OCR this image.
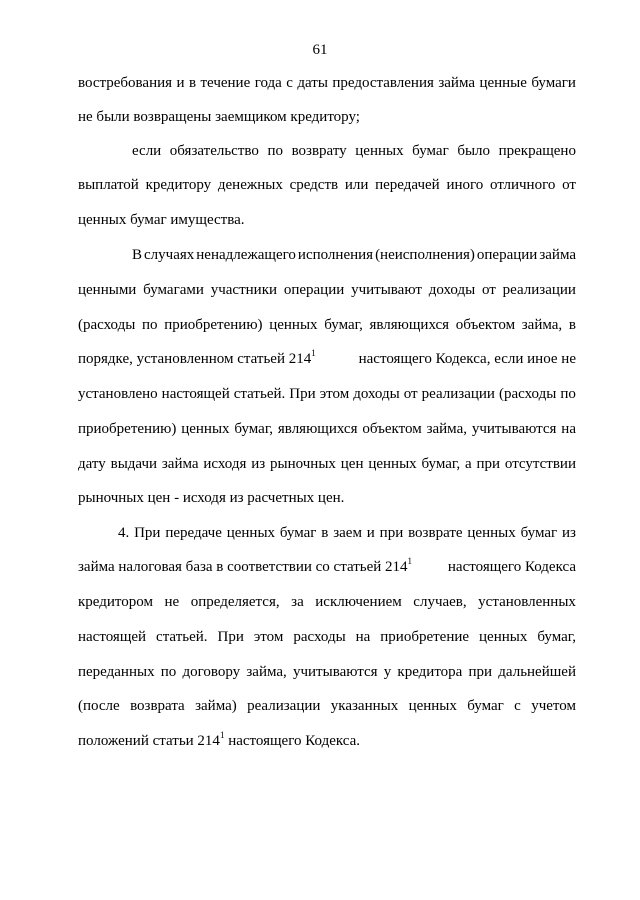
61
востребования и в течение года с даты предоставления займа ценные бумаги
не были возвращены заемщиком кредитору;
если обязательство по возврату ценных бумаг было прекращено
выплатой кредитору денежных средств или передачей иного отличного от
ценных бумаг имущества.
В случаях ненадлежащего исполнения (неисполнения) операции займа
ценными бумагами участники операции учитывают доходы от реализации
(расходы по приобретению) ценных бумаг, являющихся объектом займа, в
порядке, установленном статьей $214^1$	настоящего Кодекса, если иное не
установлено настоящей статьей. При этом доходы от реализации (расходы по
приобретению) ценных бумаг, являющихся объектом займа, учитываются на
дату выдачи займа исходя из рыночных цен ценных бумаг, а при отсутствии
рыночных цен - исходя из расчетных цен.
4. При передаче ценных бумаг в заем и при возврате ценных бумаг из
займа налоговая база в соответствии со статьей $214^1$ настоящего Кодекса
кредитором не определяется, за исключением случаев, установленных
настоящей статьей. При этом расходы на приобретение ценных бумаг,
переданных по договору займа, учитываются у кредитора при дальнейшей
(после возврата займа) реализации указанных ценных бумаг с учетом
положений статьи $214^1$ настоящего Кодекса.
